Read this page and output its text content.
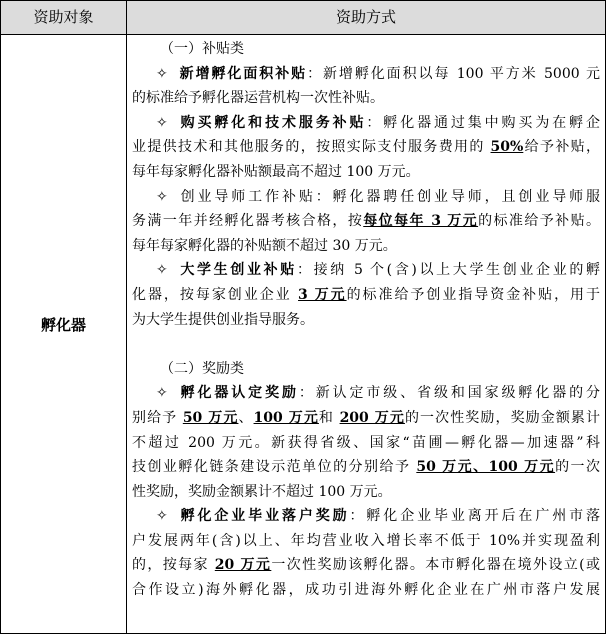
资助对象	资助方式
孵化器
（一）补贴类
✧ 新增孵化面积补贴：新增孵化面积以每 100 平方米 5000 元
的标准给予孵化器运营机构一次性补贴。
✧ 购买孵化和技术服务补贴：孵化器通过集中购买为在孵企
业提供技术和其他服务的，按照实际支付服务费用的 50%给予补贴，
每年每家孵化器补贴额最高不超过 100 万元。
✧ 创业导师工作补贴：孵化器聘任创业导师，且创业导师服
务满一年并经孵化器考核合格，按每位每年 3 万元的标准给予补贴。
每年每家孵化器的补贴额不超过 30 万元。
✧ 大学生创业补贴：接纳 5 个(含)以上大学生创业企业的孵
化器，按每家创业企业 3 万元的标准给予创业指导资金补贴，用于
为大学生提供创业指导服务。
（二）奖励类
✧ 孵化器认定奖励：新认定市级、省级和国家级孵化器的分
别给予 50 万元、100 万元和 200 万元的一次性奖励，奖励金额累计
不超过 200 万元。新获得省级、国家“苗圃—孵化器—加速器”科
技创业孵化链条建设示范单位的分别给予 50 万元、100 万元的一次
性奖励，奖励金额累计不超过 100 万元。
✧ 孵化企业毕业落户奖励：孵化企业毕业离开后在广州市落
户发展两年(含)以上、年均营业收入增长率不低于 10%并实现盈利
的，按每家 20 万元一次性奖励该孵化器。本市孵化器在境外设立(或
合作设立)海外孵化器，成功引进海外孵化企业在广州市落户发展
